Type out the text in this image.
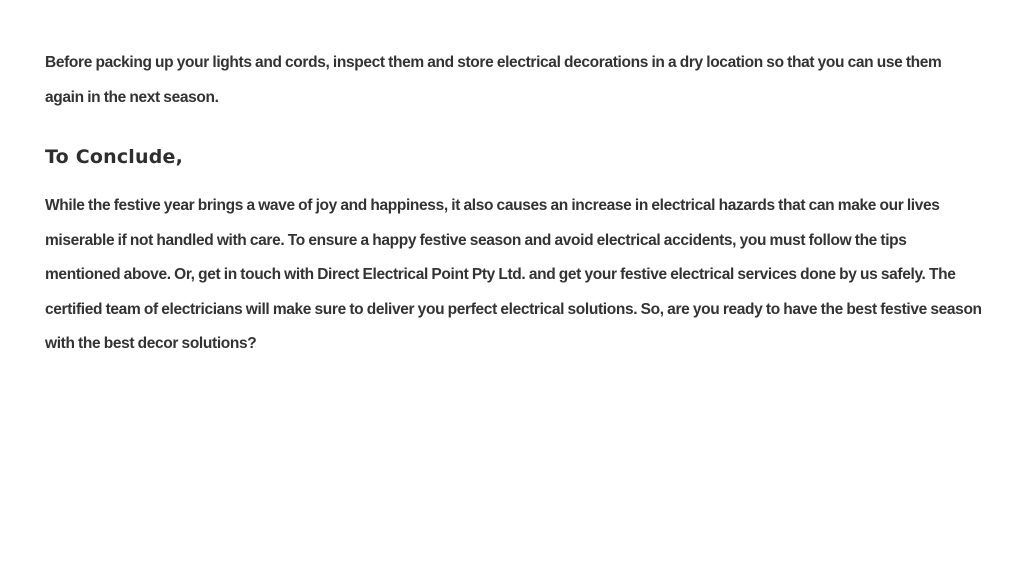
Before packing up your lights and cords, inspect them and store electrical decorations in a dry location so that you can use them again in the next season.

To Conclude,

While the festive year brings a wave of joy and happiness, it also causes an increase in electrical hazards that can make our lives miserable if not handled with care. To ensure a happy festive season and avoid electrical accidents, you must follow the tips mentioned above. Or, get in touch with Direct Electrical Point Pty Ltd. and get your festive electrical services done by us safely. The certified team of electricians will make sure to deliver you perfect electrical solutions. So, are you ready to have the best festive season with the best decor solutions?
